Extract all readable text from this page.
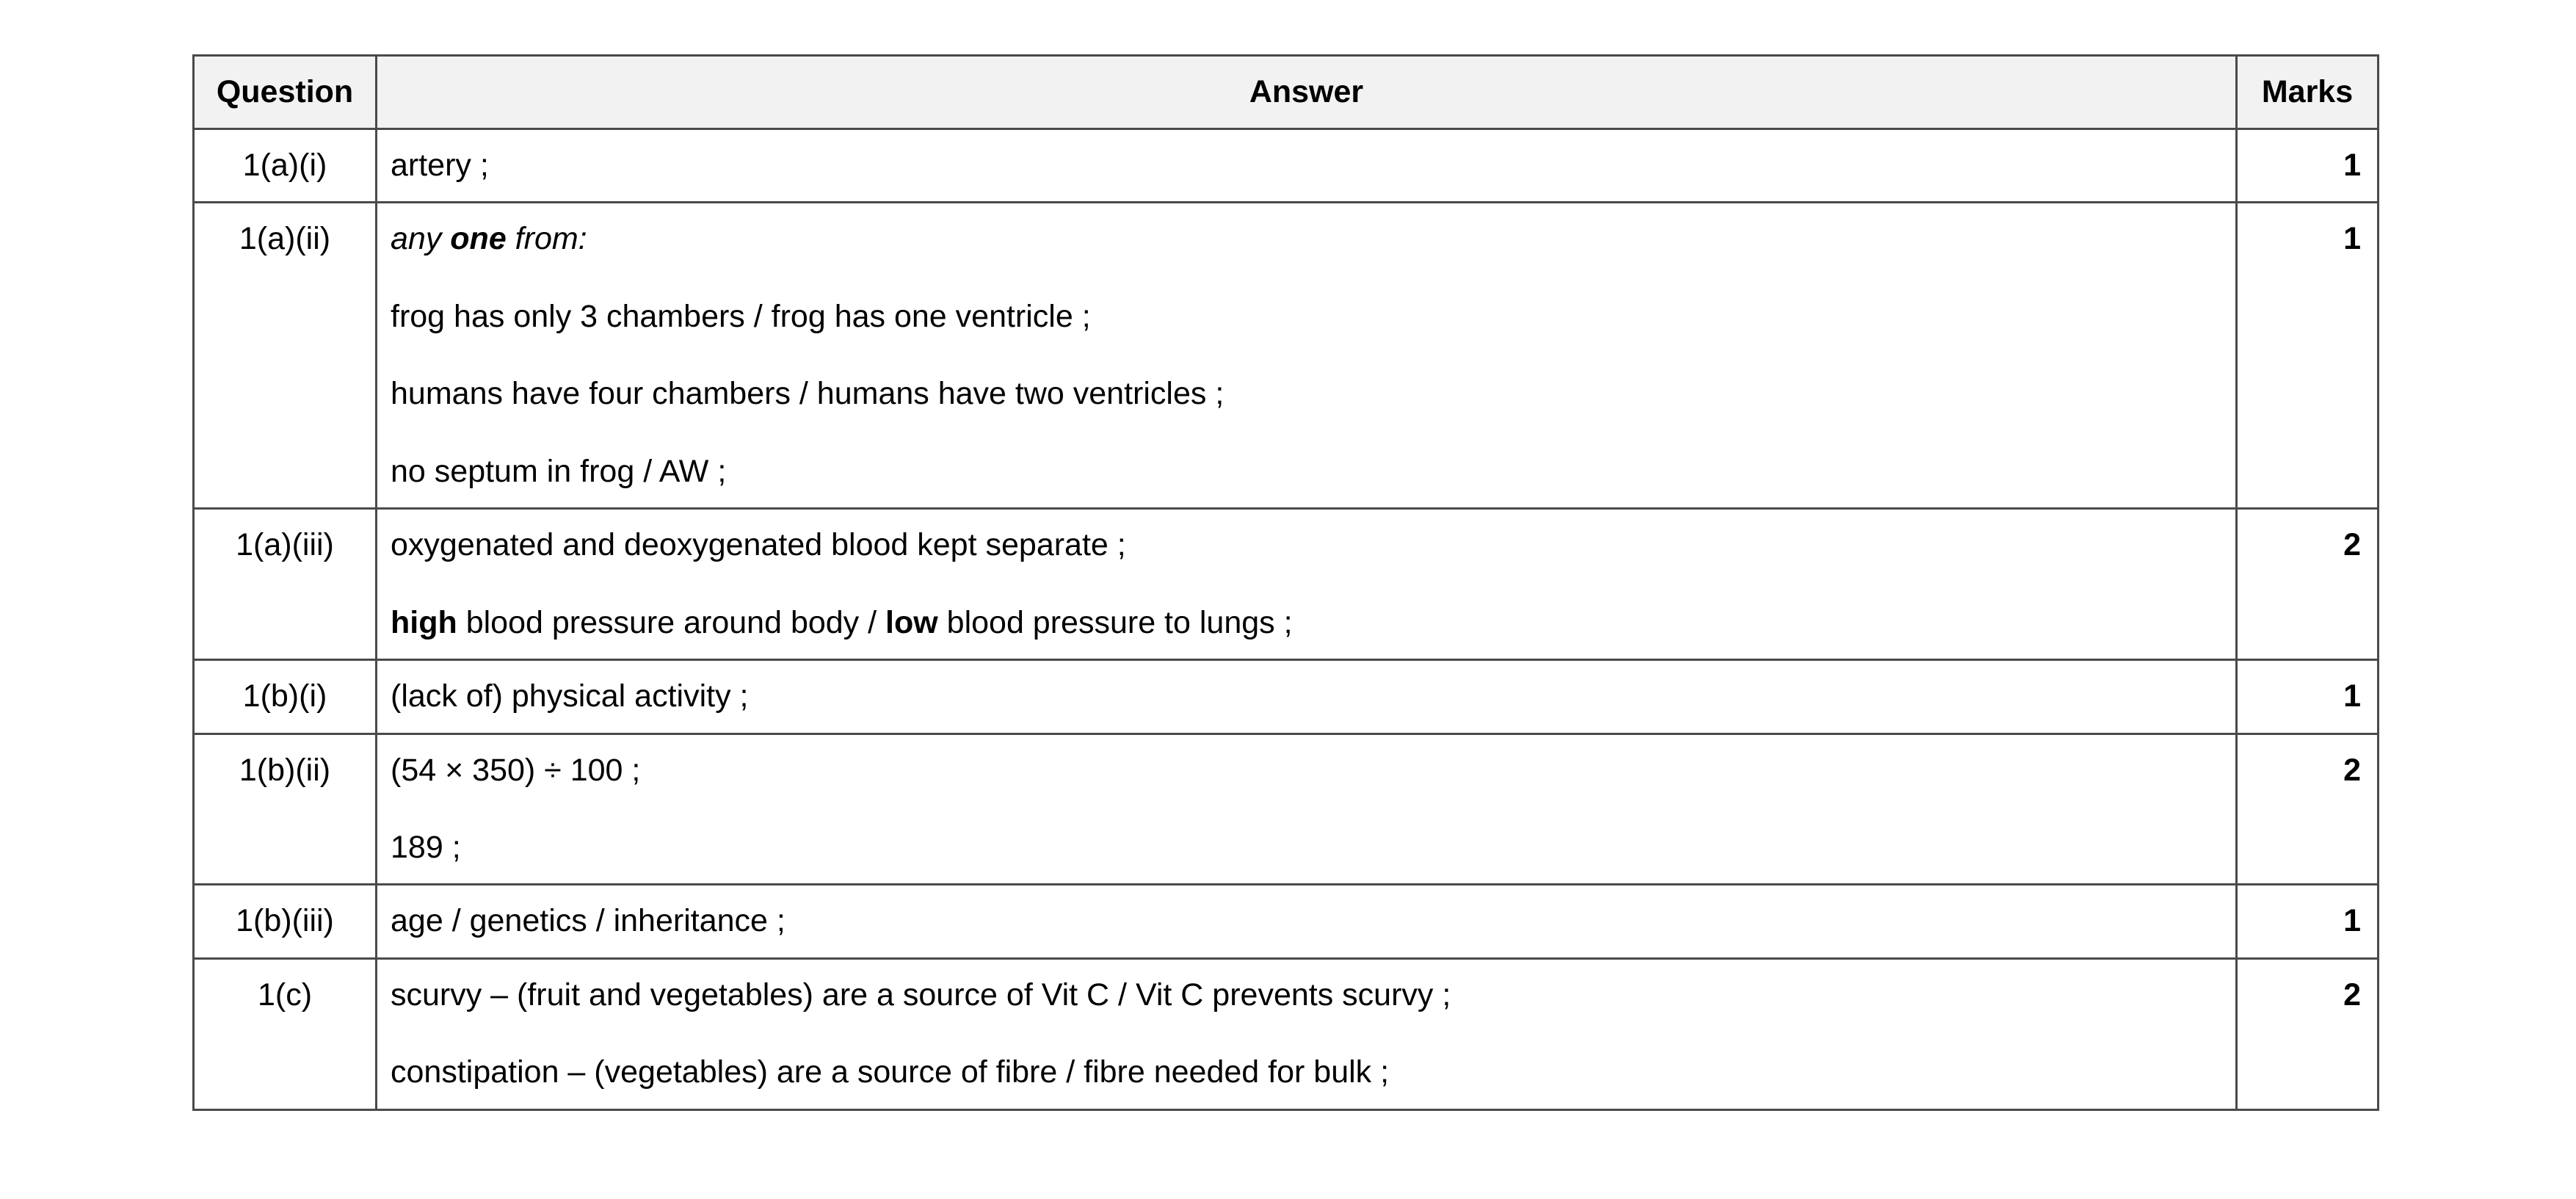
Question	Answer	Marks
1(a)(i)	artery ;	1
1(a)(ii)	any one from:
frog has only 3 chambers / frog has one ventricle ;
humans have four chambers / humans have two ventricles ;
no septum in frog / AW ;	1
1(a)(iii)	oxygenated and deoxygenated blood kept separate ;
high blood pressure around body / low blood pressure to lungs ;	2
1(b)(i)	(lack of) physical activity ;	1
1(b)(ii)	(54 × 350) ÷ 100 ;
189 ;	2
1(b)(iii)	age / genetics / inheritance ;	1
1(c)	scurvy – (fruit and vegetables) are a source of Vit C / Vit C prevents scurvy ;
constipation – (vegetables) are a source of fibre / fibre needed for bulk ;	2
